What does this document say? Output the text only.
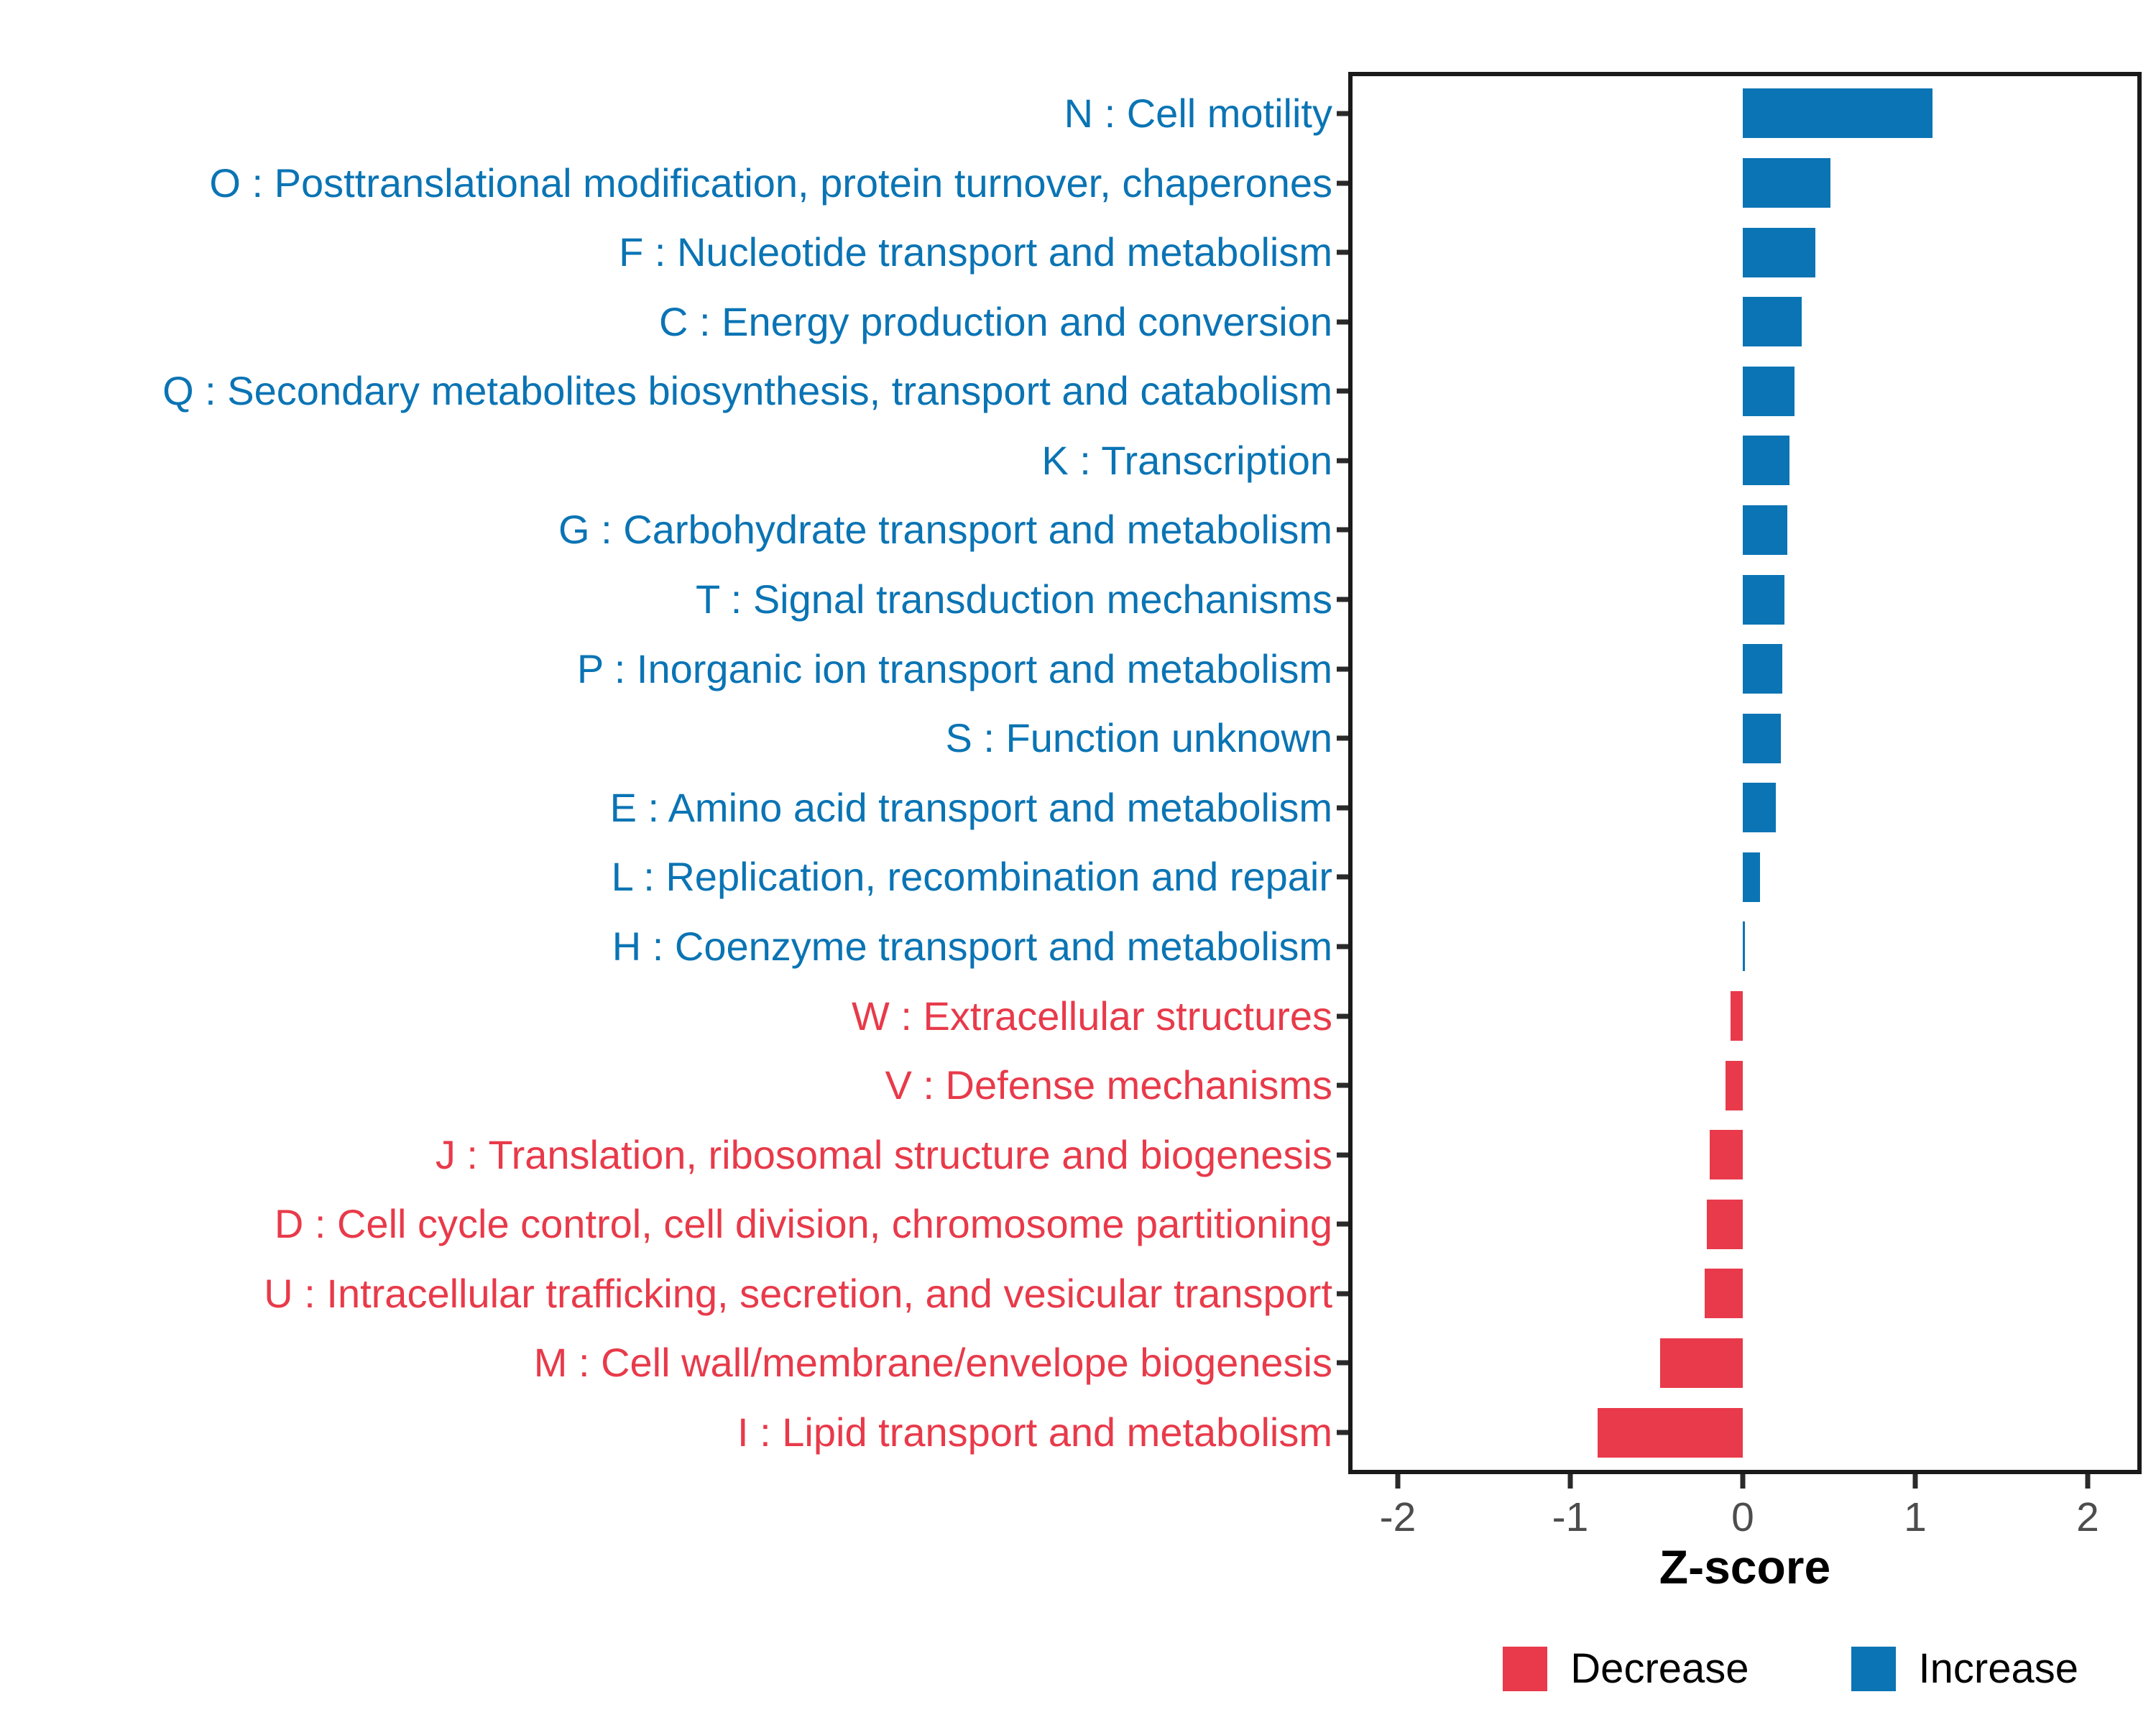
N : Cell motility
O : Posttranslational modification, protein turnover, chaperones
F : Nucleotide transport and metabolism
C : Energy production and conversion
Q : Secondary metabolites biosynthesis, transport and catabolism
K : Transcription
G : Carbohydrate transport and metabolism
T : Signal transduction mechanisms
P : Inorganic ion transport and metabolism
S : Function unknown
E : Amino acid transport and metabolism
L : Replication, recombination and repair
H : Coenzyme transport and metabolism
W : Extracellular structures
V : Defense mechanisms
J : Translation, ribosomal structure and biogenesis
D : Cell cycle control, cell division, chromosome partitioning
U : Intracellular trafficking, secretion, and vesicular transport
M : Cell wall/membrane/envelope biogenesis
I : Lipid transport and metabolism
-2	-1	0	1	2
Z-score
Decrease	Increase
